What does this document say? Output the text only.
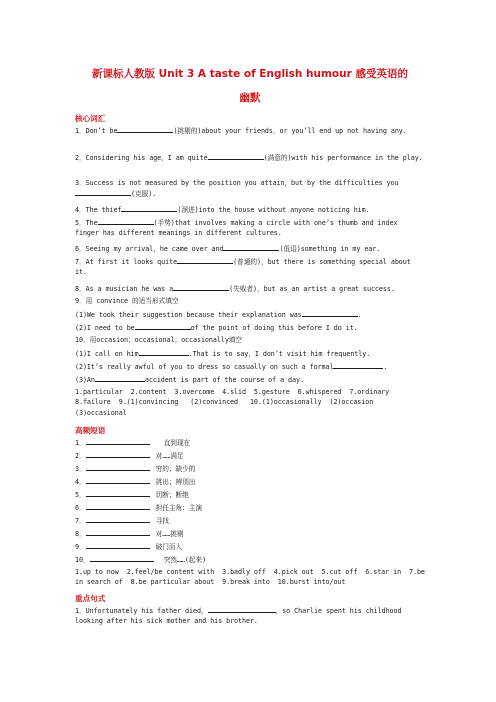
新课标人教版 Unit 3 A taste of English humour 感受英语的
幽默
核心词汇
1．Don’t be	(挑剔的)about your friends，or you’ll end up not having any.
2．Considering his age，I am quite	(满意的)with his performance in the play.
3．Success is not measured by the position you attain，but by the difficulties you(克服).
4．The thief	(溜进)into the house without anyone noticing him.
5．The	(手势)that involves making a circle with one’s thumb and index finger has different meanings in different cultures.
6．Seeing my arrival，he came over and	(低语)something in my ear.
7．At first it looks quite	(普通的)，but there is something special about it.
8．As a musician he was a	(失败者)，but as an artist a great success.
9．用 convince 的适当形式填空
(1)We took their suggestion because their explanation was	.
(2)I need to be	of the point of doing this before I do it.
10．用occasion；occasional；occasionally填空
(1)I call on him	.That is to say，I don’t visit him frequently.
(2)It’s really awful of you to dress so casually on such a formal	.
(3)An	accident is part of the course of a day.
1.particular  2.content  3.overcome  4.slid  5.gesture  6.whispered  7.ordinary  8.failure  9.(1)convincing   (2)convinced   10.(1)occasionally  (2)occasion  (3)occasional
高频短语
1．	直到现在
2．	对……满足
3．	穷的；缺少的
4．	挑出；辨别出
5．	切断；断绝
6．	担任主角；主演
7．	寻找
8．	对……挑剔
9．	破门而入
10．	突然……(起来)
1.up to now  2.feel/be content with  3.badly off  4.pick out  5.cut off  6.star in  7.be in search of  8.be particular about  9.break into  10.burst into/out
重点句式
1．Unfortunately his father died，	，so Charlie spent his childhood looking after his sick mother and his brother.
